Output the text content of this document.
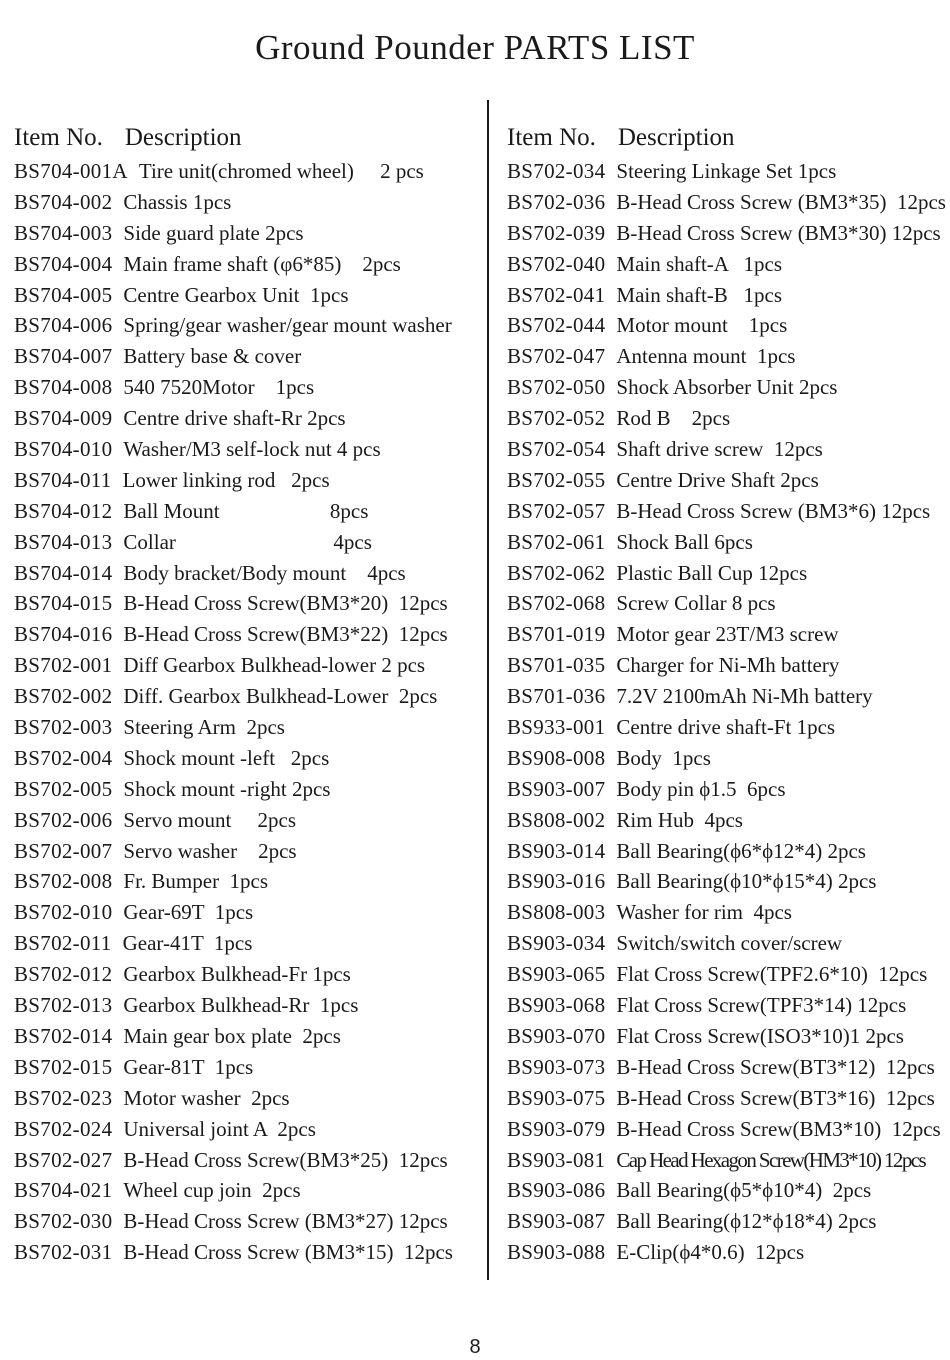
Ground Pounder PARTS LIST
Item No. Description
BS704-001A Tire unit(chromed wheel)     2 pcs
BS704-002 Chassis 1pcs
BS704-003 Side guard plate 2pcs
BS704-004 Main frame shaft (φ6*85)    2pcs
BS704-005 Centre Gearbox Unit  1pcs
BS704-006 Spring/gear washer/gear mount washer
BS704-007 Battery base & cover
BS704-008 540 7520Motor    1pcs
BS704-009 Centre drive shaft-Rr 2pcs
BS704-010 Washer/M3 self-lock nut 4 pcs
BS704-011 Lower linking rod   2pcs
BS704-012 Ball Mount                     8pcs
BS704-013 Collar                              4pcs
BS704-014 Body bracket/Body mount    4pcs
BS704-015 B-Head Cross Screw(BM3*20)  12pcs
BS704-016 B-Head Cross Screw(BM3*22)  12pcs
BS702-001 Diff Gearbox Bulkhead-lower 2 pcs
BS702-002 Diff. Gearbox Bulkhead-Lower  2pcs
BS702-003 Steering Arm  2pcs
BS702-004 Shock mount -left   2pcs
BS702-005 Shock mount -right 2pcs
BS702-006 Servo mount     2pcs
BS702-007 Servo washer    2pcs
BS702-008 Fr. Bumper  1pcs
BS702-010 Gear-69T  1pcs
BS702-011 Gear-41T  1pcs
BS702-012 Gearbox Bulkhead-Fr 1pcs
BS702-013 Gearbox Bulkhead-Rr  1pcs
BS702-014 Main gear box plate  2pcs
BS702-015 Gear-81T  1pcs
BS702-023 Motor washer  2pcs
BS702-024 Universal joint A  2pcs
BS702-027 B-Head Cross Screw(BM3*25)  12pcs
BS704-021 Wheel cup join  2pcs
BS702-030 B-Head Cross Screw (BM3*27) 12pcs
BS702-031 B-Head Cross Screw (BM3*15)  12pcs
Item No. Description
BS702-034 Steering Linkage Set 1pcs
BS702-036 B-Head Cross Screw (BM3*35)  12pcs
BS702-039 B-Head Cross Screw (BM3*30) 12pcs
BS702-040 Main shaft-A   1pcs
BS702-041 Main shaft-B   1pcs
BS702-044 Motor mount    1pcs
BS702-047 Antenna mount  1pcs
BS702-050 Shock Absorber Unit 2pcs
BS702-052 Rod B    2pcs
BS702-054 Shaft drive screw  12pcs
BS702-055 Centre Drive Shaft 2pcs
BS702-057 B-Head Cross Screw (BM3*6) 12pcs
BS702-061 Shock Ball 6pcs
BS702-062 Plastic Ball Cup 12pcs
BS702-068 Screw Collar 8 pcs
BS701-019 Motor gear 23T/M3 screw
BS701-035 Charger for Ni-Mh battery
BS701-036 7.2V 2100mAh Ni-Mh battery
BS933-001 Centre drive shaft-Ft 1pcs
BS908-008 Body  1pcs
BS903-007 Body pin ϕ1.5  6pcs
BS808-002 Rim Hub  4pcs
BS903-014 Ball Bearing(ϕ6*ϕ12*4) 2pcs
BS903-016 Ball Bearing(ϕ10*ϕ15*4) 2pcs
BS808-003 Washer for rim  4pcs
BS903-034 Switch/switch cover/screw
BS903-065 Flat Cross Screw(TPF2.6*10)  12pcs
BS903-068 Flat Cross Screw(TPF3*14) 12pcs
BS903-070 Flat Cross Screw(ISO3*10)1 2pcs
BS903-073 B-Head Cross Screw(BT3*12)  12pcs
BS903-075 B-Head Cross Screw(BT3*16)  12pcs
BS903-079 B-Head Cross Screw(BM3*10)  12pcs
BS903-081 Cap Head Hexagon Screw(HM3*10) 12pcs
BS903-086 Ball Bearing(ϕ5*ϕ10*4)  2pcs
BS903-087 Ball Bearing(ϕ12*ϕ18*4) 2pcs
BS903-088 E-Clip(ϕ4*0.6)  12pcs
8
